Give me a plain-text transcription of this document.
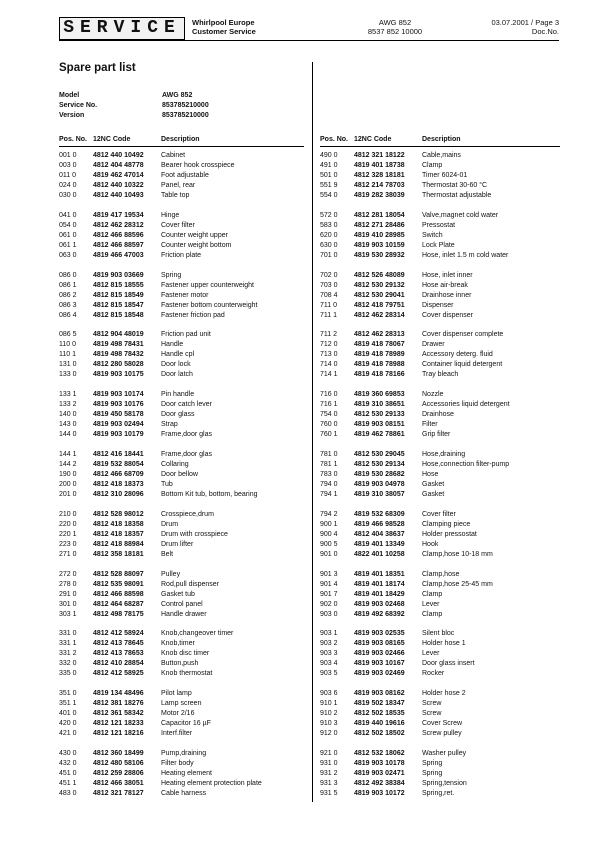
SERVICE	Whirlpool Europe
Customer Service
AWG 852
8537 852 10000
03.07.2001 / Page 3
Doc.No.
Spare part list
Model	AWG 852
Service No.	853785210000
Version	853785210000
Pos. No. 12NC Code	Description
001 0	4812 440 10492	Cabinet
003 0	4812 404 48778	Bearer hook crosspiece
011 0	4819 462 47014	Foot adjustable
024 0	4812 440 10322	Panel, rear
030 0	4812 440 10493	Table top
041 0	4819 417 19534	Hinge
054 0	4812 462 28312	Cover filter
061 0	4812 466 88596	Counter weight upper
061 1	4812 466 88597	Counter weight bottom
063 0	4819 466 47003	Friction plate
086 0	4819 903 03669	Spring
086 1	4812 815 18555	Fastener upper counterweight
086 2	4812 815 18549	Fastener motor
086 3	4812 815 18547	Fastener bottom counterweight
086 4	4812 815 18548	Fastener friction pad
086 5	4812 904 48019	Friction pad unit
110 0	4819 498 78431	Handle
110 1	4819 498 78432	Handle cpl
131 0	4812 280 58028	Door lock
133 0	4819 903 10175	Door latch
133 1	4819 903 10174	Pin handle
133 2	4819 903 10176	Door catch lever
140 0	4819 450 58178	Door glass
143 0	4819 903 02494	Strap
144 0	4819 903 10179	Frame,door glas
144 1	4812 416 18441	Frame,door glas
144 2	4819 532 88054	Collaring
190 0	4812 466 68709	Door bellow
200 0	4812 418 18373	Tub
201 0	4812 310 28096	Bottom Kit tub, bottom, bearing
210 0	4812 528 98012	Crosspiece,drum
220 0	4812 418 18358	Drum
220 1	4812 418 18357	Drum with crosspiece
223 0	4812 418 88984	Drum lifter
271 0	4812 358 18181	Belt
272 0	4812 528 88097	Pulley
278 0	4812 535 98091	Rod,pull dispenser
291 0	4812 466 88598	Gasket tub
301 0	4812 464 68287	Control panel
303 1	4812 498 78175	Handle drawer
331 0	4812 412 58924	Knob,changeover timer
331 1	4812 413 78645	Knob,timer
331 2	4812 413 78653	Knob disc timer
332 0	4812 410 28854	Button,push
335 0	4812 412 58925	Knob thermostat
351 0	4819 134 48496	Pilot lamp
351 1	4812 381 18276	Lamp screen
401 0	4812 361 58342	Motor 2/16
420 0	4812 121 18233	Capacitor 16 µF
421 0	4812 121 18216	Interf.filter
430 0	4812 360 18499	Pump,draining
432 0	4812 480 58106	Filter body
451 0	4812 259 28806	Heating element
451 1	4812 466 38051	Heating element protection plate
483 0	4812 321 78127	Cable harness
Pos. No. 12NC Code	Description
490 0	4812 321 18122	Cable,mains
491 0	4819 401 18738	Clamp
501 0	4812 328 18181	Timer 6024-01
551 9	4812 214 78703	Thermostat 30-60 °C
554 0	4819 282 38039	Thermostat adjustable
572 0	4812 281 18054	Valve,magnet cold water
583 0	4812 271 28486	Pressostat
620 0	4819 410 28985	Switch
630 0	4819 903 10159	Lock Plate
701 0	4819 530 28932	Hose, inlet 1.5 m cold water
702 0	4812 526 48089	Hose, inlet inner
703 0	4812 530 29132	Hose air-break
708 4	4812 530 29041	Drainhose inner
711 0	4812 418 79751	Dispenser
711 1	4812 462 28314	Cover dispenser
711 2	4812 462 28313	Cover dispenser complete
712 0	4819 418 78067	Drawer
713 0	4819 418 78989	Accessory deterg. fluid
714 0	4819 418 78988	Container liquid detergent
714 1	4819 418 78166	Tray bleach
716 0	4819 360 69853	Nozzle
716 1	4819 310 38651	Accessories liquid detergent
754 0	4812 530 29133	Drainhose
760 0	4819 903 08151	Filter
760 1	4819 462 78861	Grip filter
781 0	4812 530 29045	Hose,draining
781 1	4812 530 29134	Hose,connection filter-pump
783 0	4819 530 28682	Hose
794 0	4819 903 04978	Gasket
794 1	4819 310 38057	Gasket
794 2	4819 532 68309	Cover filter
900 1	4819 466 98528	Clamping piece
900 4	4812 404 38637	Holder pressostat
900 5	4819 401 13349	Hook
901 0	4822 401 10258	Clamp,hose 10-18 mm
901 3	4819 401 18351	Clamp,hose
901 4	4819 401 18174	Clamp,hose 25-45 mm
901 7	4819 401 18429	Clamp
902 0	4819 903 02468	Lever
903 0	4819 492 68392	Clamp
903 1	4819 903 02535	Silent bloc
903 2	4819 903 08165	Holder hose 1
903 3	4819 903 02466	Lever
903 4	4819 903 10167	Door glass insert
903 5	4819 903 02469	Rocker
903 6	4819 903 08162	Holder hose 2
910 1	4819 502 18347	Screw
910 2	4812 502 18535	Screw
910 3	4819 440 19616	Cover Screw
912 0	4812 502 18502	Screw pulley
921 0	4812 532 18062	Washer pulley
931 0	4819 903 10178	Spring
931 2	4819 903 02471	Spring
931 3	4812 492 38384	Spring,tension
931 5	4819 903 10172	Spring,ret.
